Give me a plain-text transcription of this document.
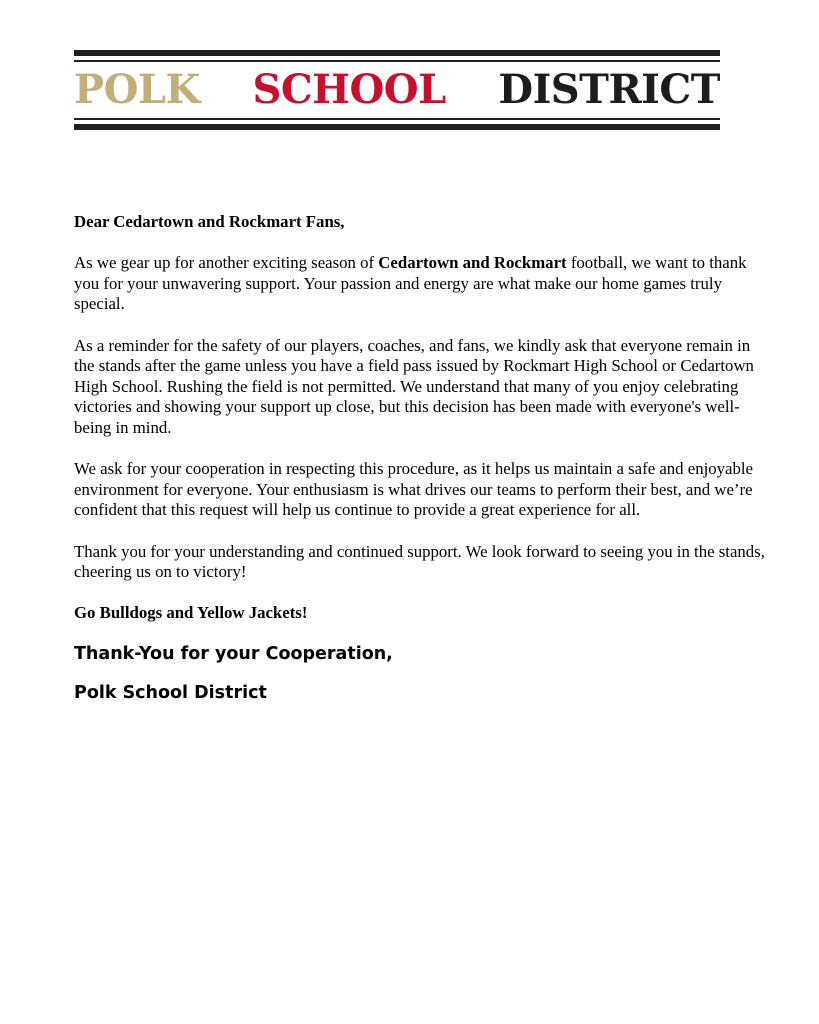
POLK SCHOOL DISTRICT

Dear Cedartown and Rockmart Fans,

As we gear up for another exciting season of Cedartown and Rockmart football, we want to thank you for your unwavering support. Your passion and energy are what make our home games truly special.

As a reminder for the safety of our players, coaches, and fans, we kindly ask that everyone remain in the stands after the game unless you have a field pass issued by Rockmart High School or Cedartown High School. Rushing the field is not permitted. We understand that many of you enjoy celebrating victories and showing your support up close, but this decision has been made with everyone's well-being in mind.

We ask for your cooperation in respecting this procedure, as it helps us maintain a safe and enjoyable environment for everyone. Your enthusiasm is what drives our teams to perform their best, and we’re confident that this request will help us continue to provide a great experience for all.

Thank you for your understanding and continued support. We look forward to seeing you in the stands, cheering us on to victory!

Go Bulldogs and Yellow Jackets!

Thank-You for your Cooperation,

Polk School District
